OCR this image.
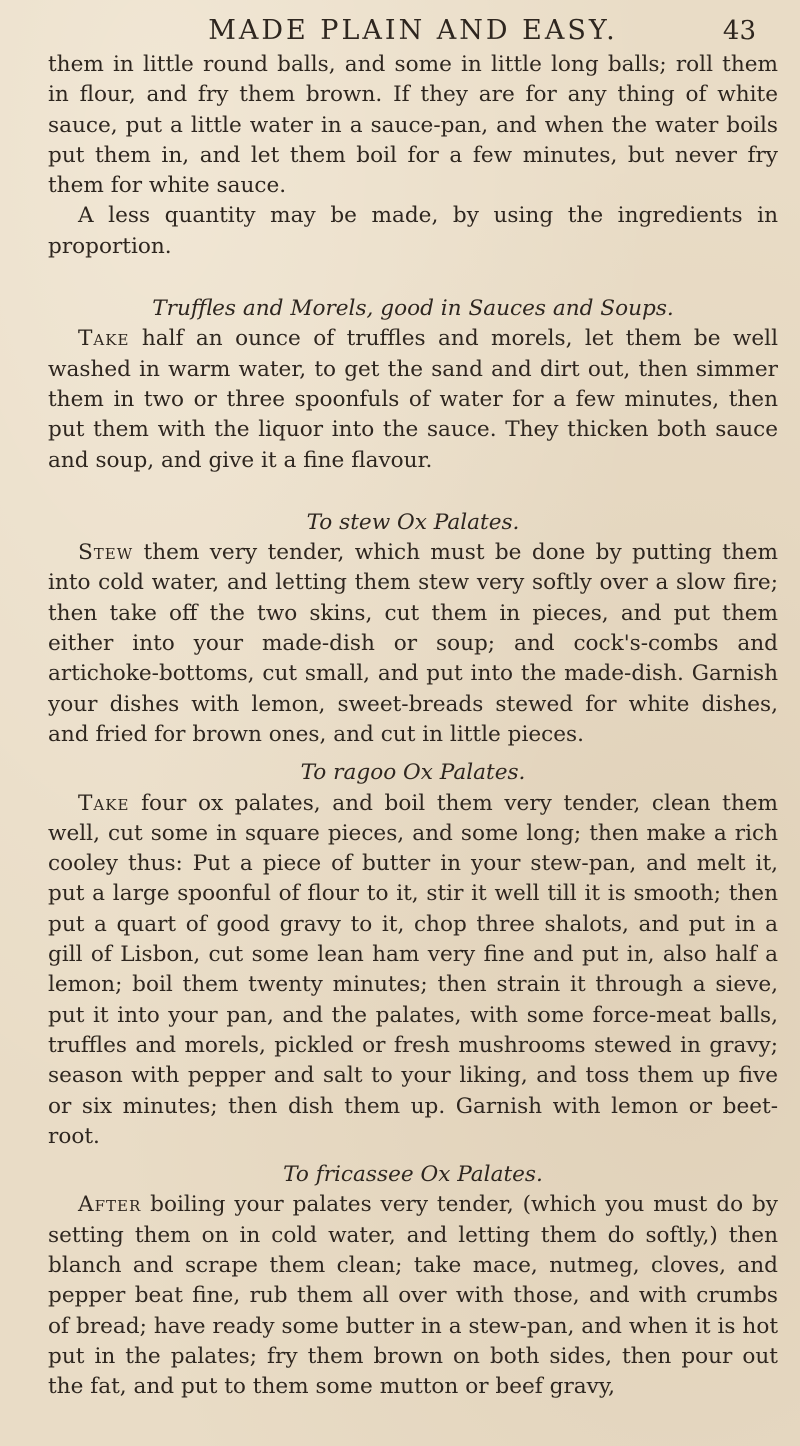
MADE PLAIN AND EASY.	43

them in little round balls, and some in little long balls; roll them in flour, and fry them brown. If they are for any thing of white sauce, put a little water in a sauce-pan, and when the water boils put them in, and let them boil for a few minutes, but never fry them for white sauce.

A less quantity may be made, by using the ingredients in proportion.

Truffles and Morels, good in Sauces and Soups.

Take half an ounce of truffles and morels, let them be well washed in warm water, to get the sand and dirt out, then simmer them in two or three spoonfuls of water for a few minutes, then put them with the liquor into the sauce. They thicken both sauce and soup, and give it a fine flavour.

To stew Ox Palates.

Stew them very tender, which must be done by putting them into cold water, and letting them stew very softly over a slow fire; then take off the two skins, cut them in pieces, and put them either into your made-dish or soup; and cock's-combs and artichoke-bottoms, cut small, and put into the made-dish. Garnish your dishes with lemon, sweet-breads stewed for white dishes, and fried for brown ones, and cut in little pieces.

To ragoo Ox Palates.

Take four ox palates, and boil them very tender, clean them well, cut some in square pieces, and some long; then make a rich cooley thus: Put a piece of butter in your stew-pan, and melt it, put a large spoonful of flour to it, stir it well till it is smooth; then put a quart of good gravy to it, chop three shalots, and put in a gill of Lisbon, cut some lean ham very fine and put in, also half a lemon; boil them twenty minutes; then strain it through a sieve, put it into your pan, and the palates, with some force-meat balls, truffles and morels, pickled or fresh mushrooms stewed in gravy; season with pepper and salt to your liking, and toss them up five or six minutes; then dish them up. Garnish with lemon or beet-root.

To fricassee Ox Palates.

After boiling your palates very tender, (which you must do by setting them on in cold water, and letting them do softly,) then blanch and scrape them clean; take mace, nutmeg, cloves, and pepper beat fine, rub them all over with those, and with crumbs of bread; have ready some butter in a stew-pan, and when it is hot put in the palates; fry them brown on both sides, then pour out the fat, and put to them some mutton or beef gravy,
